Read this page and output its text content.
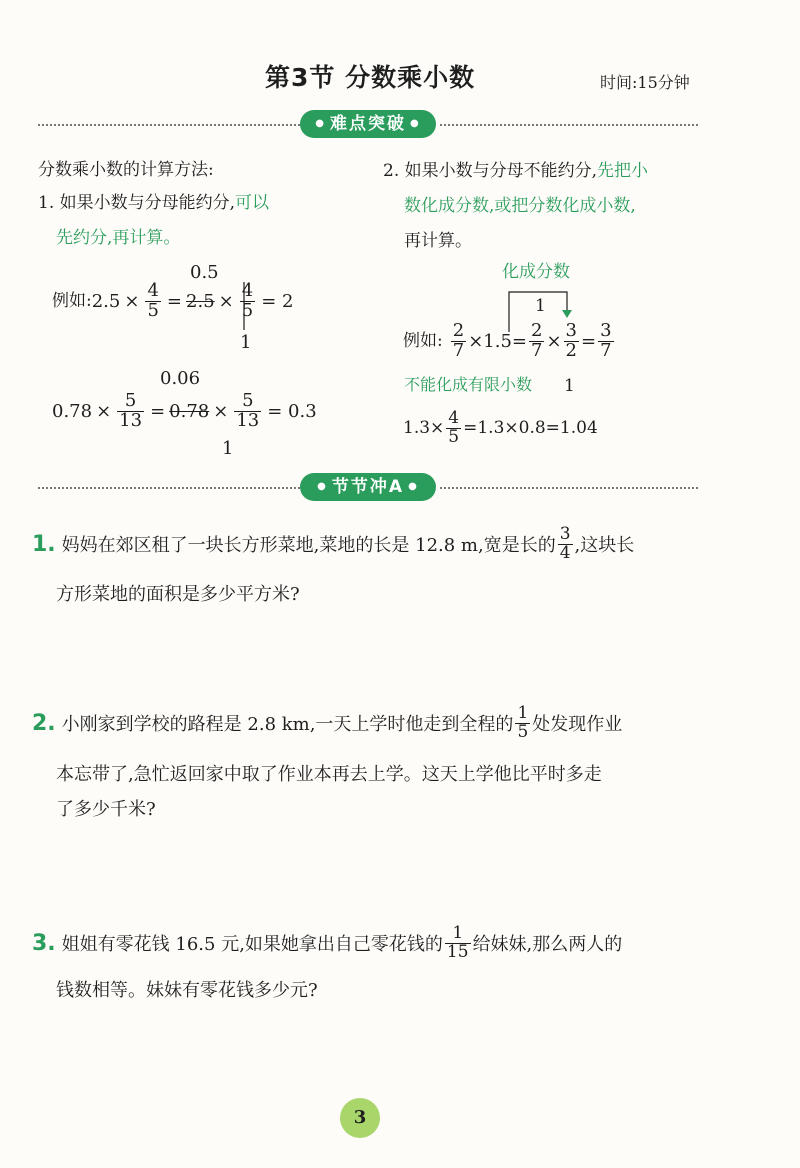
第3节 分数乘小数	时间:15分钟
● 难点突破 ●
分数乘小数的计算方法:
1. 如果小数与分母能约分,可以
先约分,再计算。
2. 如果小数与分母不能约分,先把小
数化成分数,或把分数化成小数,
再计算。
例如: $2.5 \times \frac{4}{5} = 2.5 \times \frac{4}{5} = 2$
0.5
1
$0.78 \times \frac{5}{13} = 0.78 \times \frac{5}{13} = 0.3$
0.06
1
化成分数
1
例如: $\frac{2}{7} \times 1.5= \frac{2}{7} \times \frac{3}{2} = \frac{3}{7}$
不能化成有限小数 1
$1.3\times \frac{4}{5} =1.3\times 0.8=1.04$
● 节节冲A ●
1. 妈妈在郊区租了一块长方形菜地,菜地的长是 12.8 m,宽是长的 $\frac{3}{4}$ ,这块长
方形菜地的面积是多少平方米?
2. 小刚家到学校的路程是 2.8 km,一天上学时他走到全程的 $\frac{1}{5}$ 处发现作业
本忘带了,急忙返回家中取了作业本再去上学。这天上学他比平时多走
了多少千米?
3. 姐姐有零花钱 16.5 元,如果她拿出自己零花钱的 $\frac{1}{15}$ 给妹妹,那么两人的
钱数相等。妹妹有零花钱多少元?
3
